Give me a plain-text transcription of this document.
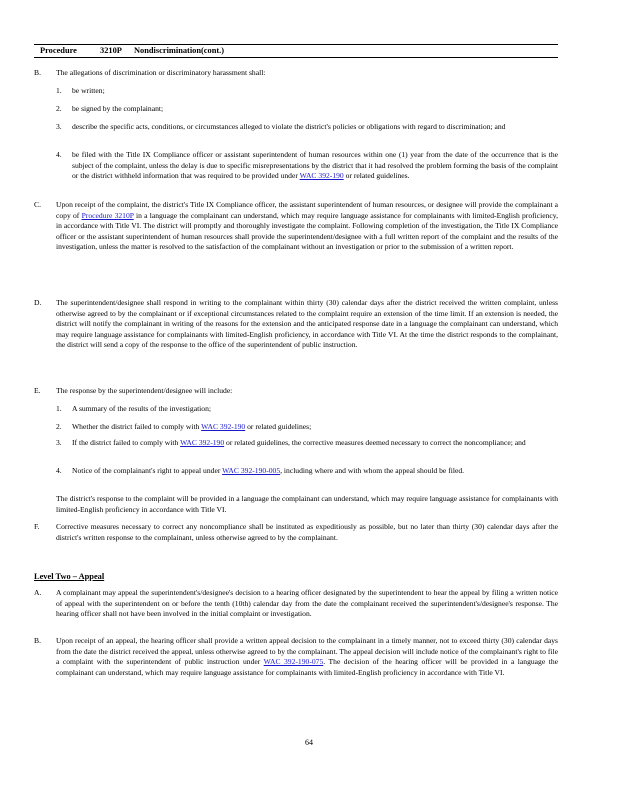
Procedure	3210P Nondiscrimination(cont.)
B.	The allegations of discrimination or discriminatory harassment shall:
1.	be written;
2.	be signed by the complainant;
3.	describe the specific acts, conditions, or circumstances alleged to violate the district's policies or obligations with regard to discrimination; and
4.	be filed with the Title IX Compliance officer or assistant superintendent of human resources within one (1) year from the date of the occurrence that is the subject of the complaint, unless the delay is due to specific misrepresentations by the district that it had resolved the problem forming the basis of the complaint or the district withheld information that was required to be provided under WAC 392-190 or related guidelines.
C.	Upon receipt of the complaint, the district's Title IX Compliance officer, the assistant superintendent of human resources, or designee will provide the complainant a copy of Procedure 3210P in a language the complainant can understand, which may require language assistance for complainants with limited-English proficiency, in accordance with Title VI. The district will promptly and thoroughly investigate the complaint. Following completion of the investigation, the Title IX Compliance officer or the assistant superintendent of human resources shall provide the superintendent/designee with a full written report of the complaint and the results of the investigation, unless the matter is resolved to the satisfaction of the complainant without an investigation or prior to the submission of a written report.
D.	The superintendent/designee shall respond in writing to the complainant within thirty (30) calendar days after the district received the written complaint, unless otherwise agreed to by the complainant or if exceptional circumstances related to the complaint require an extension of the time limit. If an extension is needed, the district will notify the complainant in writing of the reasons for the extension and the anticipated response date in a language the complainant can understand, which may require language assistance for complainants with limited-English proficiency, in accordance with Title VI. At the time the district responds to the complainant, the district will send a copy of the response to the office of the superintendent of public instruction.
E.	The response by the superintendent/designee will include:
1.	A summary of the results of the investigation;
2.	Whether the district failed to comply with WAC 392-190 or related guidelines;
3.	If the district failed to comply with WAC 392-190 or related guidelines, the corrective measures deemed necessary to correct the noncompliance; and
4.	Notice of the complainant's right to appeal under WAC 392-190-005, including where and with whom the appeal should be filed.
The district's response to the complaint will be provided in a language the complainant can understand, which may require language assistance for complainants with limited-English proficiency in accordance with Title VI.
F.	Corrective measures necessary to correct any noncompliance shall be instituted as expeditiously as possible, but no later than thirty (30) calendar days after the district's written response to the complainant, unless otherwise agreed to by the complainant.
Level Two – Appeal
A.	A complainant may appeal the superintendent's/designee's decision to a hearing officer designated by the superintendent to hear the appeal by filing a written notice of appeal with the superintendent on or before the tenth (10th) calendar day from the date the complainant received the superintendent's/designee's response. The hearing officer shall not have been involved in the initial complaint or investigation.
B.	Upon receipt of an appeal, the hearing officer shall provide a written appeal decision to the complainant in a timely manner, not to exceed thirty (30) calendar days from the date the district received the appeal, unless otherwise agreed to by the complainant. The appeal decision will include notice of the complainant's right to file a complaint with the superintendent of public instruction under WAC 392-190-075. The decision of the hearing officer will be provided in a language the complainant can understand, which may require language assistance for complainants with limited-English proficiency in accordance with Title VI.
64
